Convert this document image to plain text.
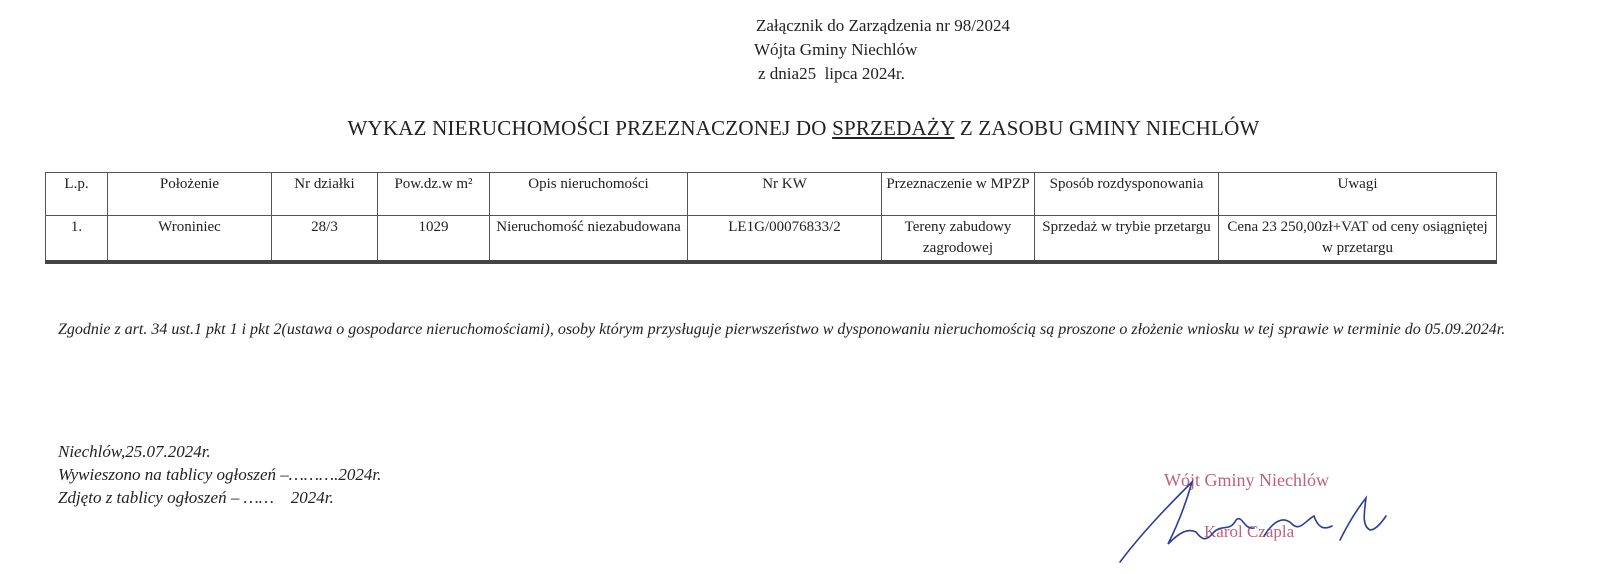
Załącznik do Zarządzenia nr 98/2024
Wójta Gminy Niechlów
z dnia25  lipca 2024r.
WYKAZ NIERUCHOMOŚCI PRZEZNACZONEJ DO SPRZEDAŻY Z ZASOBU GMINY NIECHLÓW
L.p.	Położenie	Nr działki	Pow.dz.w m²	Opis nieruchomości	Nr KW	Przeznaczenie w MPZP	Sposób rozdysponowania	Uwagi
1.	Wroniniec	28/3	1029	Nieruchomość niezabudowana	LE1G/00076833/2	Tereny zabudowy zagrodowej	Sprzedaż w trybie przetargu	Cena 23 250,00zł+VAT od ceny osiągniętej w przetargu
Zgodnie z art. 34 ust.1 pkt 1 i pkt 2(ustawa o gospodarce nieruchomościami), osoby którym przysługuje pierwszeństwo w dysponowaniu nieruchomością są proszone o złożenie wniosku w tej sprawie w terminie do 05.09.2024r.
Niechlów,25.07.2024r.
Wywieszono na tablicy ogłoszeń –……….2024r.
Zdjęto z tablicy ogłoszeń – ……    2024r.
Wójt Gminy Niechlów
Karol Czapla
